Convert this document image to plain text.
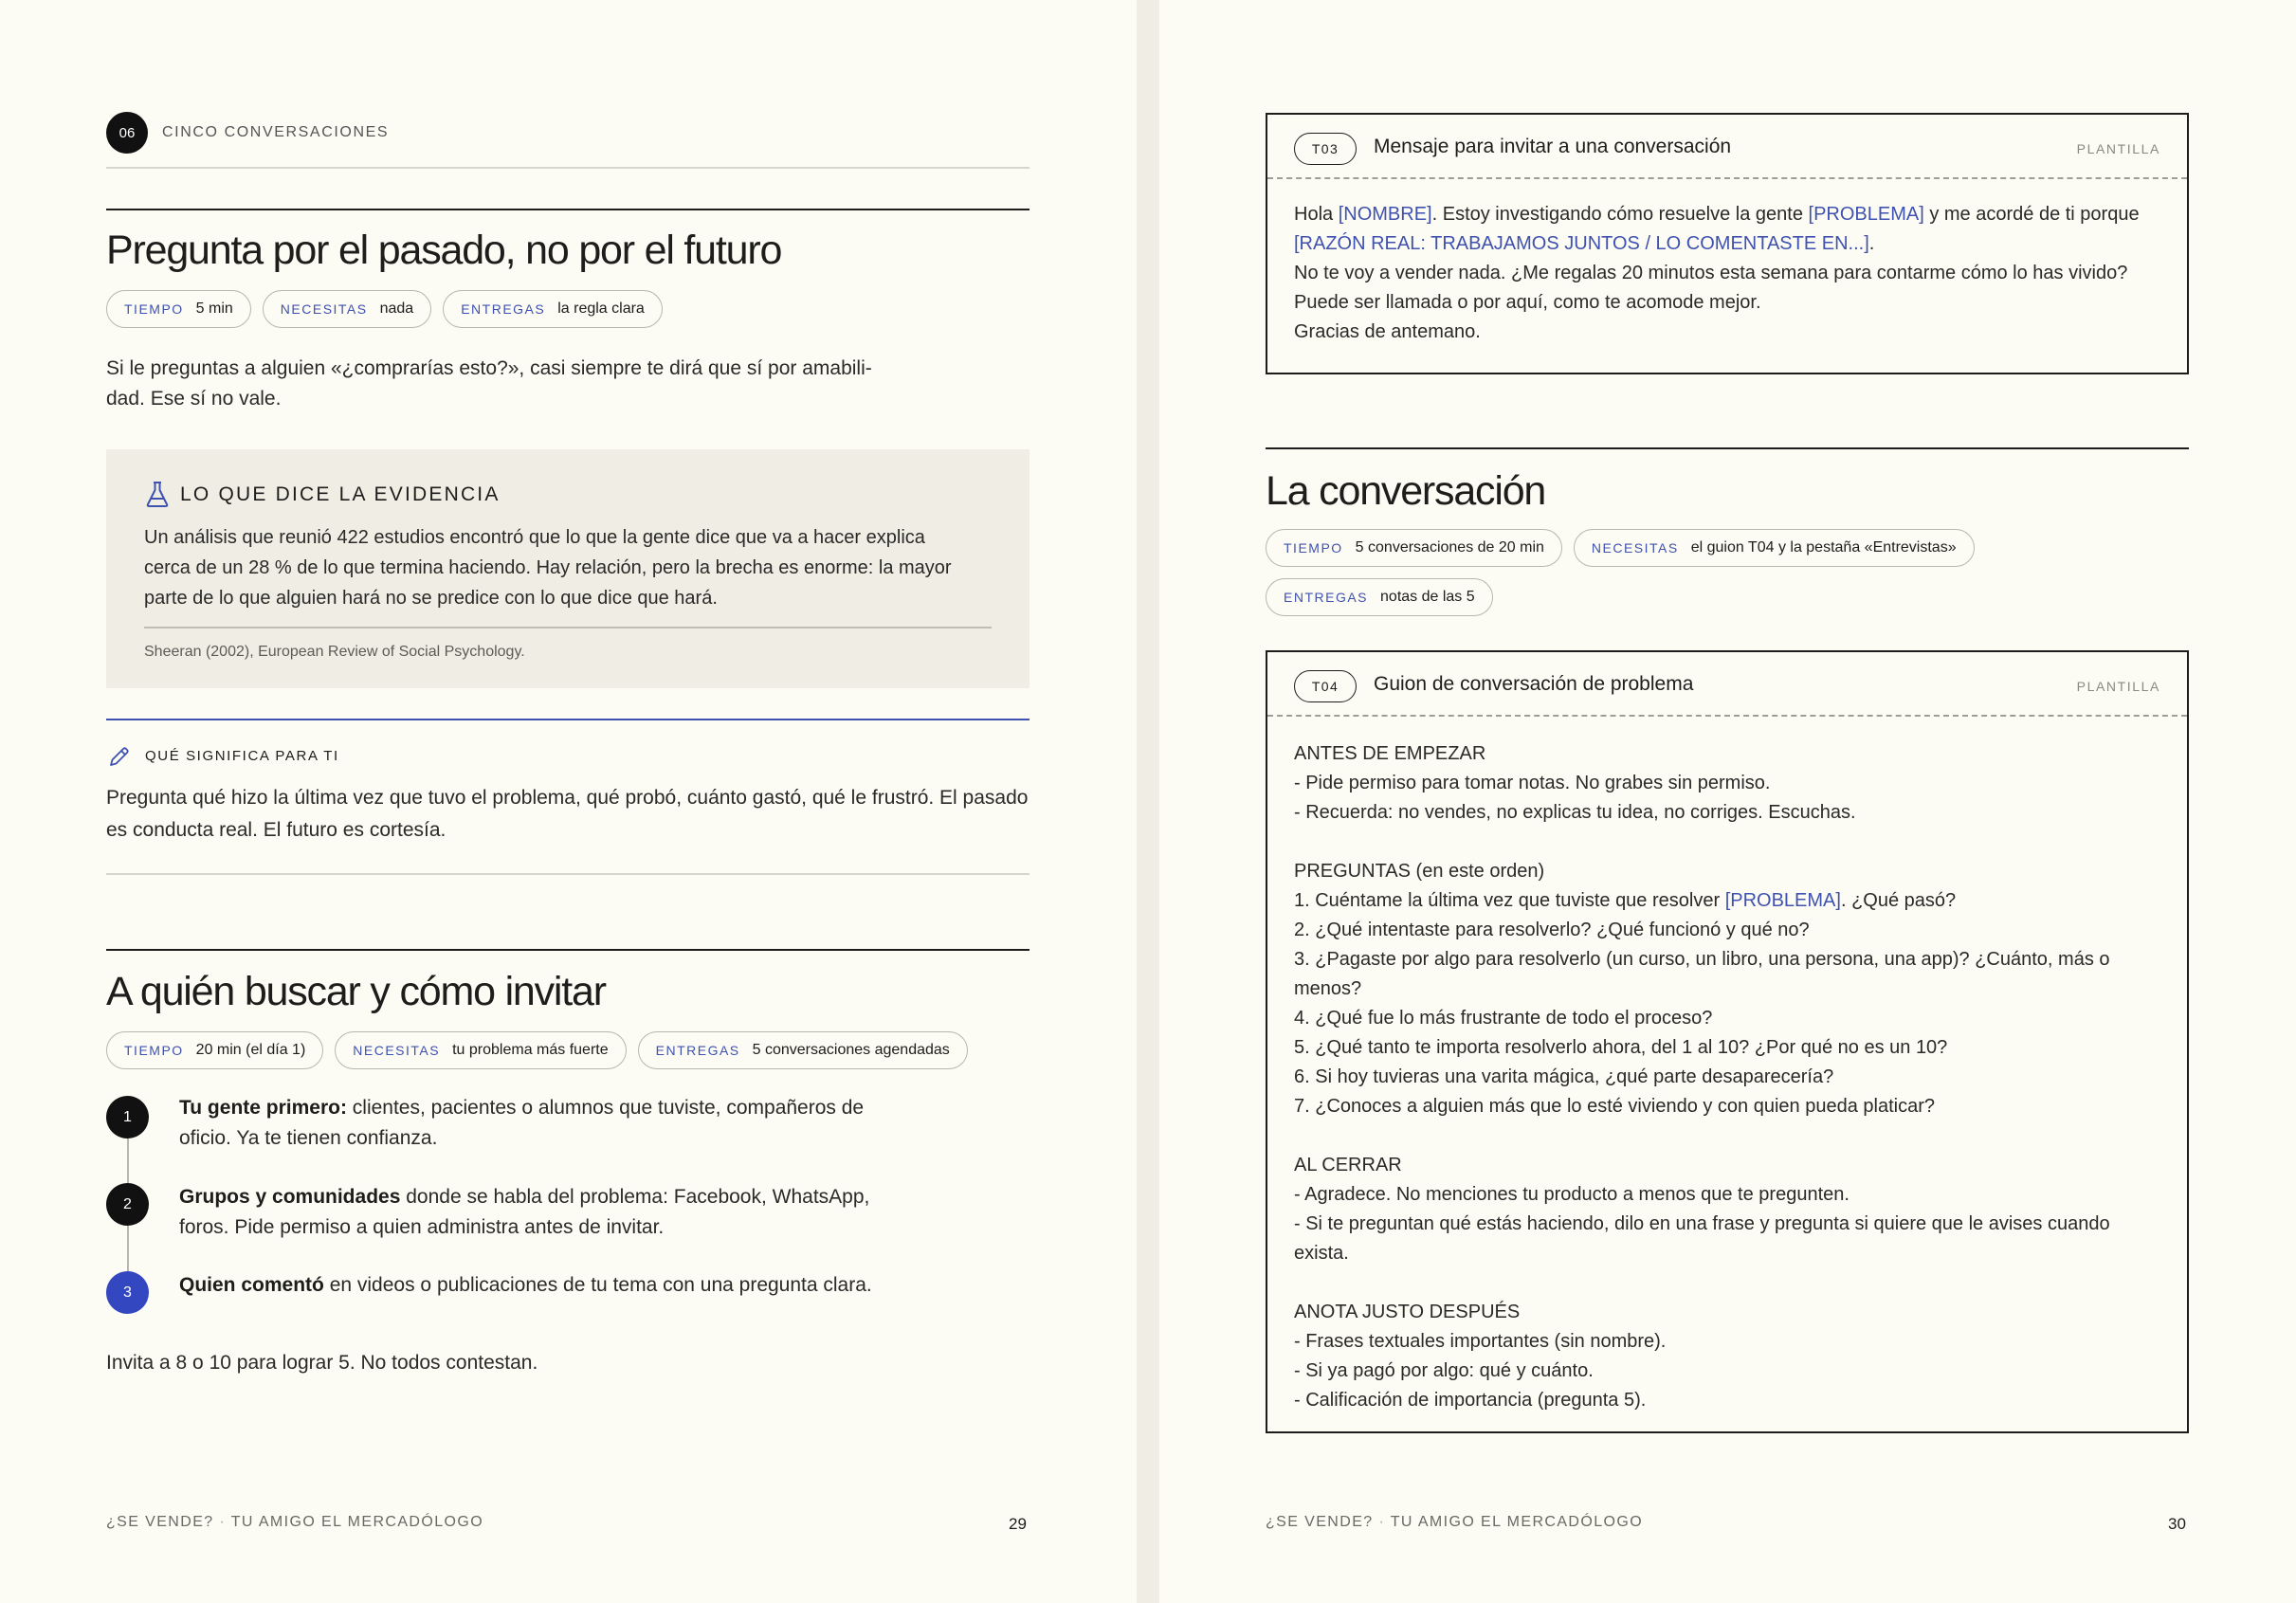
06	CINCO CONVERSACIONES
Pregunta por el pasado, no por el futuro
TIEMPO 5 min	NECESITAS nada	ENTREGAS la regla clara
Si le preguntas a alguien «¿comprarías esto?», casi siempre te dirá que sí por amabili-
dad. Ese sí no vale.
LO QUE DICE LA EVIDENCIA
Un análisis que reunió 422 estudios encontró que lo que la gente dice que va a hacer explica
cerca de un 28 % de lo que termina haciendo. Hay relación, pero la brecha es enorme: la mayor
parte de lo que alguien hará no se predice con lo que dice que hará.
Sheeran (2002), European Review of Social Psychology.
QUÉ SIGNIFICA PARA TI
Pregunta qué hizo la última vez que tuvo el problema, qué probó, cuánto gastó, qué le frustró. El pasado
es conducta real. El futuro es cortesía.
A quién buscar y cómo invitar
TIEMPO 20 min (el día 1)	NECESITAS tu problema más fuerte	ENTREGAS 5 conversaciones agendadas
1	Tu gente primero: clientes, pacientes o alumnos que tuviste, compañeros de
oficio. Ya te tienen confianza.
2	Grupos y comunidades donde se habla del problema: Facebook, WhatsApp,
foros. Pide permiso a quien administra antes de invitar.
3	Quien comentó en videos o publicaciones de tu tema con una pregunta clara.
Invita a 8 o 10 para lograr 5. No todos contestan.
¿SE VENDE? · TU AMIGO EL MERCADÓLOGO	29
T03	Mensaje para invitar a una conversación	PLANTILLA
Hola [NOMBRE]. Estoy investigando cómo resuelve la gente [PROBLEMA] y me acordé de ti porque
[RAZÓN REAL: TRABAJAMOS JUNTOS / LO COMENTASTE EN...].
No te voy a vender nada. ¿Me regalas 20 minutos esta semana para contarme cómo lo has vivido?
Puede ser llamada o por aquí, como te acomode mejor.
Gracias de antemano.
La conversación
TIEMPO 5 conversaciones de 20 min	NECESITAS el guion T04 y la pestaña «Entrevistas»
ENTREGAS notas de las 5
T04	Guion de conversación de problema	PLANTILLA
ANTES DE EMPEZAR
- Pide permiso para tomar notas. No grabes sin permiso.
- Recuerda: no vendes, no explicas tu idea, no corriges. Escuchas.
PREGUNTAS (en este orden)
1. Cuéntame la última vez que tuviste que resolver [PROBLEMA]. ¿Qué pasó?
2. ¿Qué intentaste para resolverlo? ¿Qué funcionó y qué no?
3. ¿Pagaste por algo para resolverlo (un curso, un libro, una persona, una app)? ¿Cuánto, más o
menos?
4. ¿Qué fue lo más frustrante de todo el proceso?
5. ¿Qué tanto te importa resolverlo ahora, del 1 al 10? ¿Por qué no es un 10?
6. Si hoy tuvieras una varita mágica, ¿qué parte desaparecería?
7. ¿Conoces a alguien más que lo esté viviendo y con quien pueda platicar?
AL CERRAR
- Agradece. No menciones tu producto a menos que te pregunten.
- Si te preguntan qué estás haciendo, dilo en una frase y pregunta si quiere que le avises cuando
exista.
ANOTA JUSTO DESPUÉS
- Frases textuales importantes (sin nombre).
- Si ya pagó por algo: qué y cuánto.
- Calificación de importancia (pregunta 5).
¿SE VENDE? · TU AMIGO EL MERCADÓLOGO	30
